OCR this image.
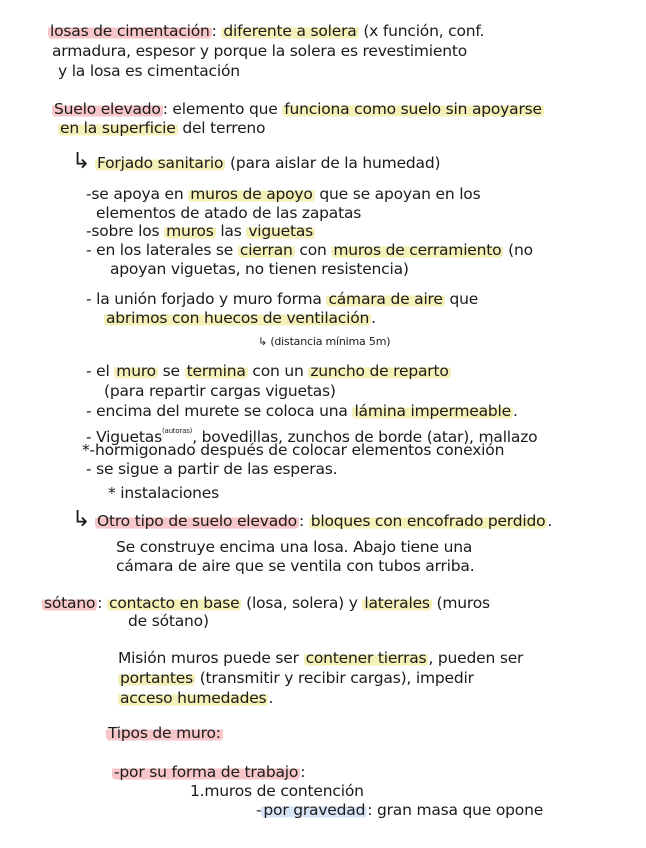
losas de cimentación : diferente a solera (x función, conf.
armadura, espesor y porque la solera es revestimiento
y la losa es cimentación
Suelo elevado : elemento que funciona como suelo sin apoyarse
en la superficie del terreno
↳ Forjado sanitario (para aislar de la humedad)
-se apoya en muros de apoyo que se apoyan en los
elementos de atado de las zapatas
-sobre los muros las viguetas
- en los laterales se cierran con muros de cerramiento (no
apoyan viguetas, no tienen resistencia)
- la unión forjado y muro forma cámara de aire que
abrimos con huecos de ventilación .
↳ (distancia mínima 5m)
- el muro se termina con un zuncho de reparto
(para repartir cargas viguetas)
- encima del murete se coloca una lámina impermeable .
- Viguetas$^{(autoras)}$, bovedillas, zunchos de borde (atar), mallazo
*-hormigonado después de colocar elementos conexión
- se sigue a partir de las esperas.
* instalaciones
↳ Otro tipo de suelo elevado : bloques con encofrado perdido .
Se construye encima una losa. Abajo tiene una
cámara de aire que se ventila con tubos arriba.
sótano : contacto en base (losa, solera) y laterales (muros
de sótano)
Misión muros puede ser contener tierras , pueden ser
portantes (transmitir y recibir cargas), impedir
acceso humedades .
Tipos de muro:
-por su forma de trabajo :
1.muros de contención
- por gravedad : gran masa que opone
